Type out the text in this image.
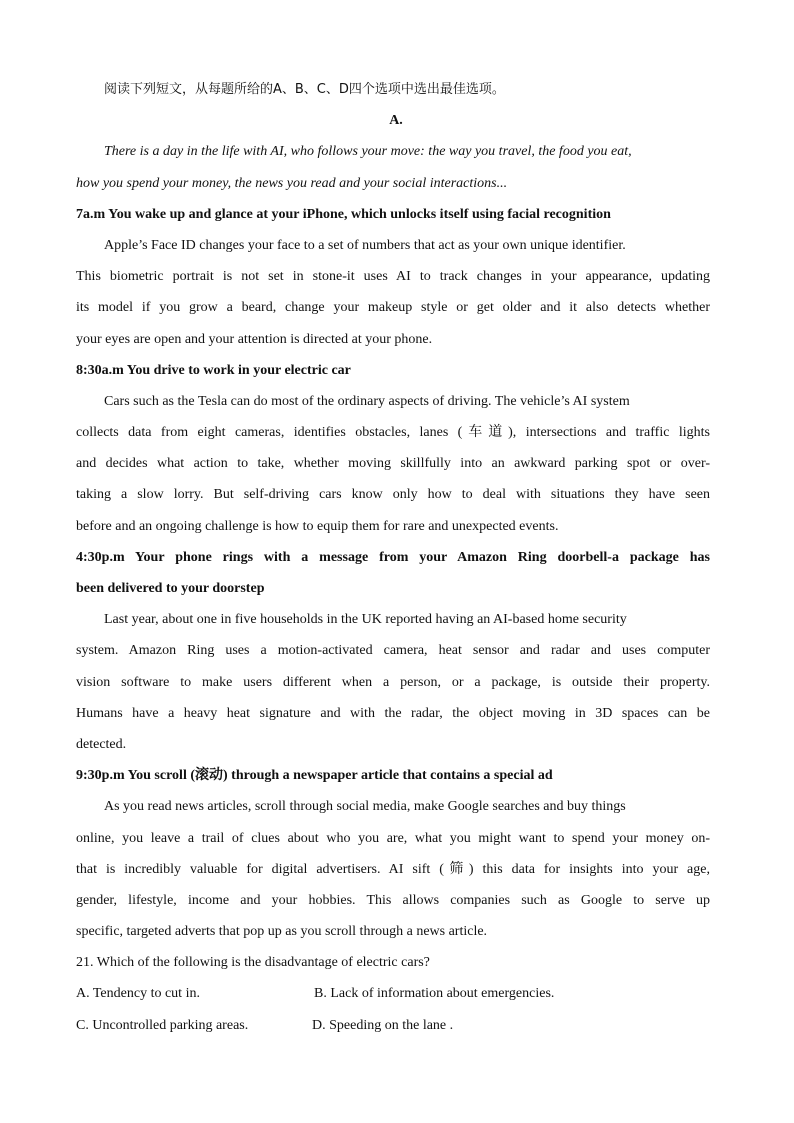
阅读下列短文，从每题所给的A、B、C、D四个选项中选出最佳选项。
A.
There is a day in the life with AI, who follows your move: the way you travel, the food you eat,
how you spend your money, the news you read and your social interactions...
7a.m You wake up and glance at your iPhone, which unlocks itself using facial recognition
Apple’s Face ID changes your face to a set of numbers that act as your own unique identifier.
This biometric portrait is not set in stone-it uses AI to track changes in your appearance, updating
its model if you grow a beard, change your makeup style or get older and it also detects whether
your eyes are open and your attention is directed at your phone.
8:30a.m You drive to work in your electric car
Cars such as the Tesla can do most of the ordinary aspects of driving. The vehicle’s AI system
collects data from eight cameras, identifies obstacles, lanes (车道), intersections and traffic lights
and decides what action to take, whether moving skillfully into an awkward parking spot or over-
taking a slow lorry. But self-driving cars know only how to deal with situations they have seen
before and an ongoing challenge is how to equip them for rare and unexpected events.
4:30p.m Your phone rings with a message from your Amazon Ring doorbell-a package has
been delivered to your doorstep
Last year, about one in five households in the UK reported having an AI-based home security
system. Amazon Ring uses a motion-activated camera, heat sensor and radar and uses computer
vision software to make users different when a person, or a package, is outside their property.
Humans have a heavy heat signature and with the radar, the object moving in 3D spaces can be
detected.
9:30p.m You scroll (滚动) through a newspaper article that contains a special ad
As you read news articles, scroll through social media, make Google searches and buy things
online, you leave a trail of clues about who you are, what you might want to spend your money on-
that is incredibly valuable for digital advertisers. AI sift (筛) this data for insights into your age,
gender, lifestyle, income and your hobbies. This allows companies such as Google to serve up
specific, targeted adverts that pop up as you scroll through a news article.
21. Which of the following is the disadvantage of electric cars?
A. Tendency to cut in.	B. Lack of information about emergencies.
C. Uncontrolled parking areas.	D. Speeding on the lane .
